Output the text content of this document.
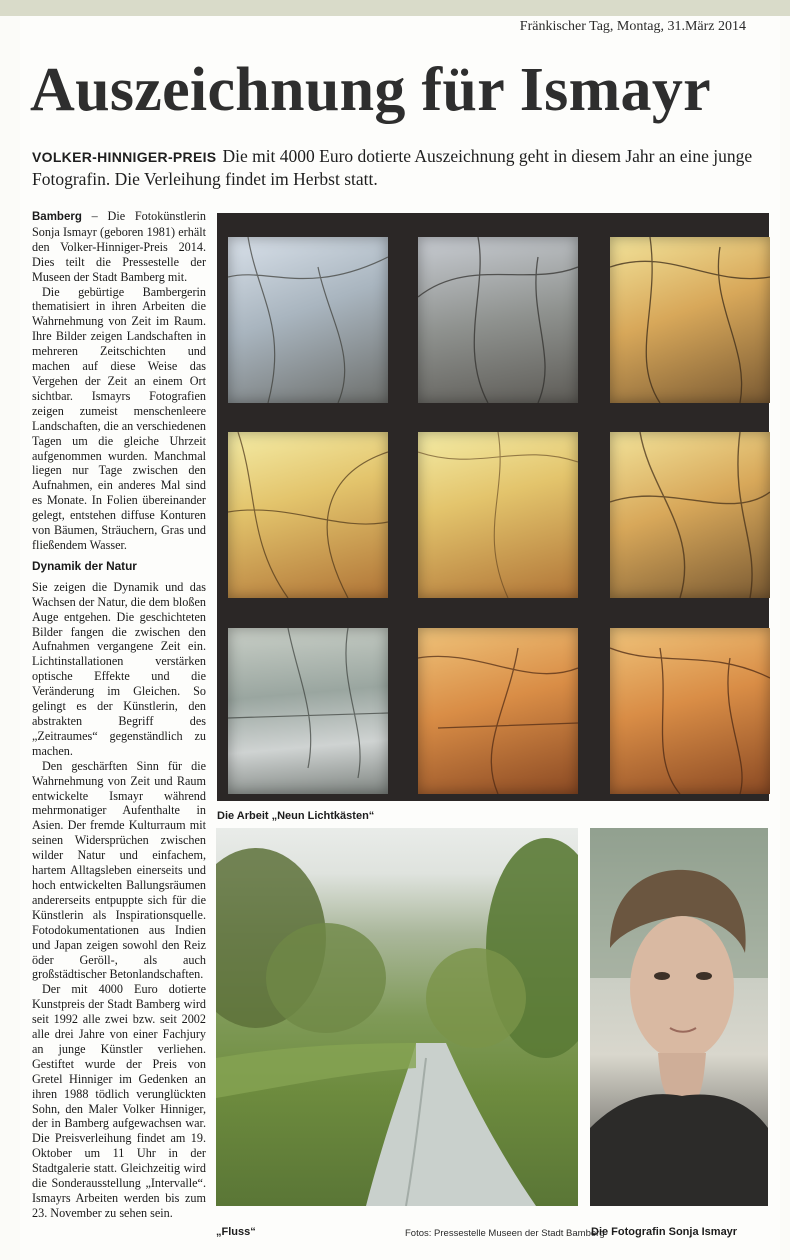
Fränkischer Tag, Montag, 31.März 2014
Auszeichnung für Ismayr
VOLKER-HINNIGER-PREIS Die mit 4000 Euro dotierte Auszeichnung geht in diesem Jahr an eine junge Fotografin. Die Verleihung findet im Herbst statt.

Bamberg – Die Fotokünstlerin Sonja Ismayr (geboren 1981) erhält den Volker-Hinniger-Preis 2014. Dies teilt die Pressestelle der Museen der Stadt Bamberg mit.

Die gebürtige Bambergerin thematisiert in ihren Arbeiten die Wahrnehmung von Zeit im Raum. Ihre Bilder zeigen Landschaften in mehreren Zeitschichten und machen auf diese Weise das Vergehen der Zeit an einem Ort sichtbar. Ismayrs Fotografien zeigen zumeist menschenleere Landschaften, die an verschiedenen Tagen um die gleiche Uhrzeit aufgenommen wurden. Manchmal liegen nur Tage zwischen den Aufnahmen, ein anderes Mal sind es Monate. In Folien übereinander gelegt, entstehen diffuse Konturen von Bäumen, Sträuchern, Gras und fließendem Wasser.

Dynamik der Natur

Sie zeigen die Dynamik und das Wachsen der Natur, die dem bloßen Auge entgehen. Die geschichteten Bilder fangen die zwischen den Aufnahmen vergangene Zeit ein. Lichtinstallationen verstärken optische Effekte und die Veränderung im Gleichen. So gelingt es der Künstlerin, den abstrakten Begriff des „Zeitraumes“ gegenständlich zu machen.

Den geschärften Sinn für die Wahrnehmung von Zeit und Raum entwickelte Ismayr während mehrmonatiger Aufenthalte in Asien. Der fremde Kulturraum mit seinen Widersprüchen zwischen wilder Natur und einfachem, hartem Alltagsleben einerseits und hoch entwickelten Ballungsräumen andererseits entpuppte sich für die Künstlerin als Inspirationsquelle. Fotodokumentationen aus Indien und Japan zeigen sowohl den Reiz öder Geröll-, als auch großstädtischer Betonlandschaften.

Der mit 4000 Euro dotierte Kunstpreis der Stadt Bamberg wird seit 1992 alle zwei bzw. seit 2002 alle drei Jahre von einer Fachjury an junge Künstler verliehen. Gestiftet wurde der Preis von Gretel Hinniger im Gedenken an ihren 1988 tödlich verunglückten Sohn, den Maler Volker Hinniger, der in Bamberg aufgewachsen war. Die Preisverleihung findet am 19. Oktober um 11 Uhr in der Stadtgalerie statt. Gleichzeitig wird die Sonderausstellung „Intervalle“. Ismayrs Arbeiten werden bis zum 23. November zu sehen sein.

Die Arbeit „Neun Lichtkästen“
„Fluss“	Fotos: Pressestelle Museen der Stadt Bamberg
Die Fotografin Sonja Ismayr
